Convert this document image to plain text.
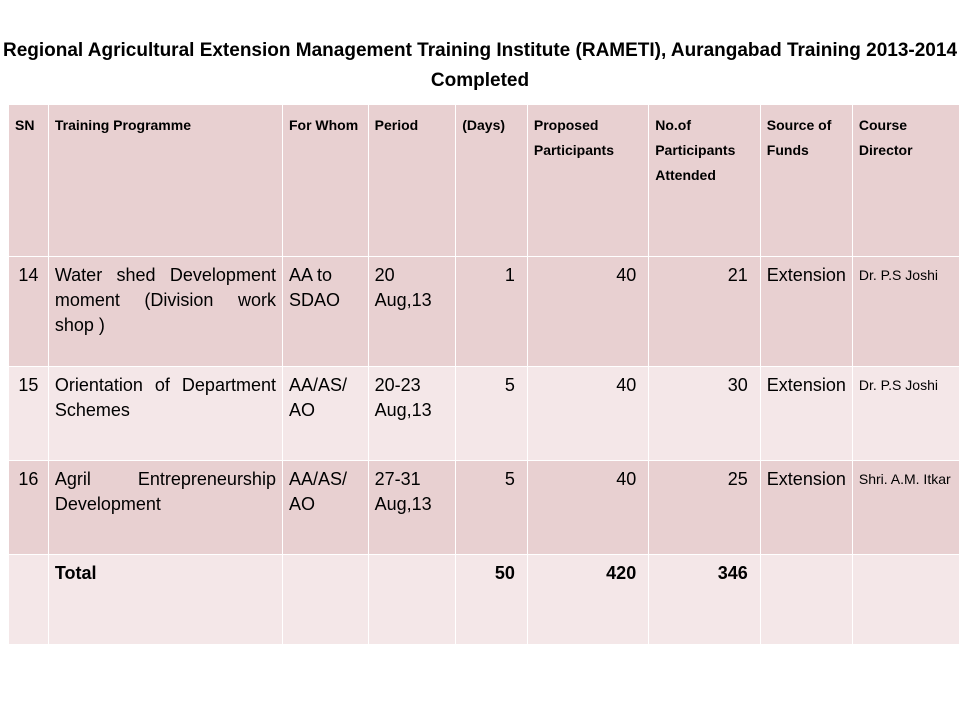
Regional Agricultural Extension Management Training Institute (RAMETI), Aurangabad Training 2013-2014 Completed
SN	Training Programme	For Whom	Period	(Days)	Proposed Participants	No.of Participants Attended	Source of Funds	Course Director
14	Water shed Development moment (Division work shop )	AA to SDAO	20 Aug,13	1	40	21	Extension	Dr. P.S Joshi
15	Orientation of Department Schemes	AA/AS/ AO	20-23 Aug,13	5	40	30	Extension	Dr. P.S Joshi
16	Agril Entrepreneurship Development	AA/AS/ AO	27-31 Aug,13	5	40	25	Extension	Shri. A.M. Itkar
	Total			50	420	346		
